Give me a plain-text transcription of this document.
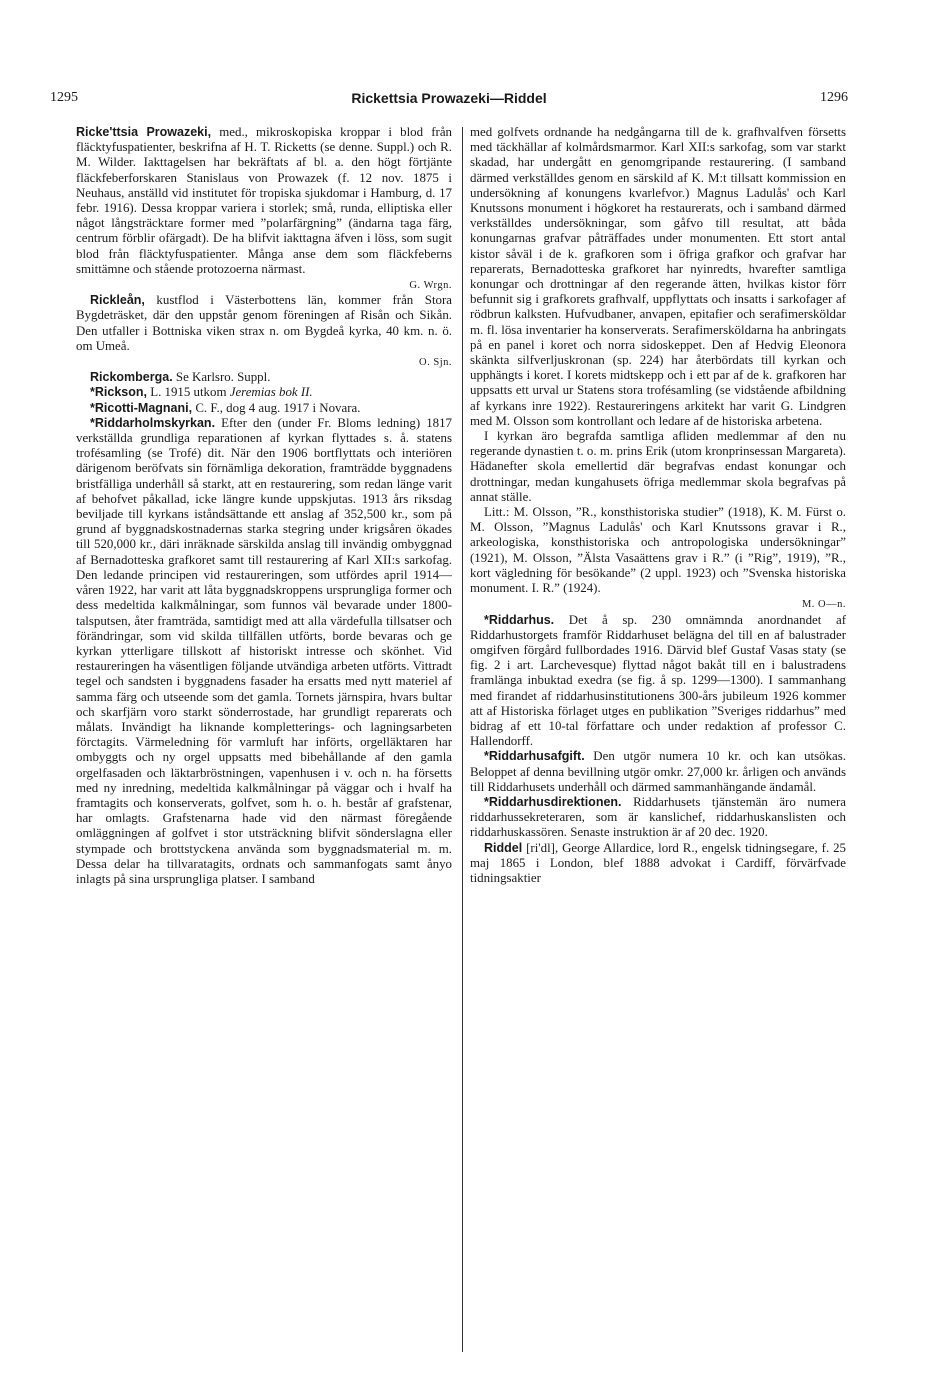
1295	Rickettsia Prowazeki—Riddel	1296

Ricke'ttsia Prowazeki, med., mikroskopiska kroppar i blod från fläcktyfuspatienter, beskrifna af H. T. Ricketts (se denne. Suppl.) och R. M. Wilder. Iakttagelsen har bekräftats af bl. a. den högt förtjänte fläckfeberforskaren Stanislaus von Prowazek (f. 12 nov. 1875 i Neuhaus, anställd vid institutet för tropiska sjukdomar i Hamburg, d. 17 febr. 1916). Dessa kroppar variera i storlek; små, runda, elliptiska eller något långsträcktare former med ”polarfärgning” (ändarna taga färg, centrum förblir ofärgadt). De ha blifvit iakttagna äfven i löss, som sugit blod från fläcktyfuspatienter. Många anse dem som fläckfeberns smittämne och stående protozoerna närmast.

G. Wrgn.

Rickleån, kustflod i Västerbottens län, kommer från Stora Bygdeträsket, där den uppstår genom föreningen af Risån och Sikån. Den utfaller i Bottniska viken strax n. om Bygdeå kyrka, 40 km. n. ö. om Umeå.

O. Sjn.

Rickomberga. Se Karlsro. Suppl.

*Rickson, L. 1915 utkom Jeremias bok II.

*Ricotti-Magnani, C. F., dog 4 aug. 1917 i Novara.

*Riddarholmskyrkan. Efter den (under Fr. Bloms ledning) 1817 verkställda grundliga reparationen af kyrkan flyttades s. å. statens trofésamling (se Trofé) dit. När den 1906 bortflyttats och interiören därigenom beröfvats sin förnämliga dekoration, framträdde byggnadens bristfälliga underhåll så starkt, att en restaurering, som redan länge varit af behofvet påkallad, icke längre kunde uppskjutas. 1913 års riksdag beviljade till kyrkans iståndsättande ett anslag af 352,500 kr., som på grund af byggnadskostnadernas starka stegring under krigsåren ökades till 520,000 kr., däri inräknade särskilda anslag till invändig ombyggnad af Bernadotteska grafkoret samt till restaurering af Karl XII:s sarkofag. Den ledande principen vid restaureringen, som utfördes april 1914—våren 1922, har varit att låta byggnadskroppens ursprungliga former och dess medeltida kalkmålningar, som funnos väl bevarade under 1800-talsputsen, åter framträda, samtidigt med att alla värdefulla tillsatser och förändringar, som vid skilda tillfällen utförts, borde bevaras och ge kyrkan ytterligare tillskott af historiskt intresse och skönhet. Vid restaureringen ha väsentligen följande utvändiga arbeten utförts. Vittradt tegel och sandsten i byggnadens fasader ha ersatts med nytt materiel af samma färg och utseende som det gamla. Tornets järnspira, hvars bultar och skarfjärn voro starkt sönderrostade, har grundligt reparerats och målats. Invändigt ha liknande kompletterings- och lagningsarbeten förctagits. Värmeledning för varmluft har införts, orgelläktaren har ombyggts och ny orgel uppsatts med bibehållande af den gamla orgelfasaden och läktarbröstningen, vapenhusen i v. och n. ha försetts med ny inredning, medeltida kalkmålningar på väggar och i hvalf ha framtagits och konserverats, golfvet, som h. o. h. består af grafstenar, har omlagts. Grafstenarna hade vid den närmast föregående omläggningen af golfvet i stor utsträckning blifvit sönderslagna eller stympade och brottstyckena använda som byggnadsmaterial m. m. Dessa delar ha tillvaratagits, ordnats och sammanfogats samt ånyo inlagts på sina ursprungliga platser. I samband

med golfvets ordnande ha nedgångarna till de k. grafhvalfven försetts med täckhällar af kolmårdsmarmor. Karl XII:s sarkofag, som var starkt skadad, har undergått en genomgripande restaurering. (I samband därmed verkställdes genom en särskild af K. M:t tillsatt kommission en undersökning af konungens kvarlefvor.) Magnus Ladulås' och Karl Knutssons monument i högkoret ha restaurerats, och i samband därmed verkställdes undersökningar, som gåfvo till resultat, att båda konungarnas grafvar påträffades under monumenten. Ett stort antal kistor såväl i de k. grafkoren som i öfriga grafkor och grafvar har reparerats, Bernadotteska grafkoret har nyinredts, hvarefter samtliga konungar och drottningar af den regerande ätten, hvilkas kistor förr befunnit sig i grafkorets grafhvalf, uppflyttats och insatts i sarkofager af rödbrun kalksten. Hufvudbaner, anvapen, epitafier och serafimersköldar m. fl. lösa inventarier ha konserverats. Serafimersköldarna ha anbringats på en panel i koret och norra sidoskeppet. Den af Hedvig Eleonora skänkta silfverljuskronan (sp. 224) har återbördats till kyrkan och upphängts i koret. I korets midtskepp och i ett par af de k. grafkoren har uppsatts ett urval ur Statens stora trofésamling (se vidstående afbildning af kyrkans inre 1922). Restaureringens arkitekt har varit G. Lindgren med M. Olsson som kontrollant och ledare af de historiska arbetena.

I kyrkan äro begrafda samtliga afliden medlemmar af den nu regerande dynastien t. o. m. prins Erik (utom kronprinsessan Margareta). Hädanefter skola emellertid där begrafvas endast konungar och drottningar, medan kungahusets öfriga medlemmar skola begrafvas på annat ställe.

Litt.: M. Olsson, ”R., konsthistoriska studier” (1918), K. M. Fürst o. M. Olsson, ”Magnus Ladulås' och Karl Knutssons gravar i R., arkeologiska, konsthistoriska och antropologiska undersökningar” (1921), M. Olsson, ”Älsta Vasaättens grav i R.” (i ”Rig”, 1919), ”R., kort vägledning för besökande” (2 uppl. 1923) och ”Svenska historiska monument. I. R.” (1924).

M. O—n.

*Riddarhus. Det å sp. 230 omnämnda anordnandet af Riddarhustorgets framför Riddarhuset belägna del till en af balustrader omgifven förgård fullbordades 1916. Därvid blef Gustaf Vasas staty (se fig. 2 i art. Larchevesque) flyttad något bakåt till en i balustradens framlänga inbuktad exedra (se fig. å sp. 1299—1300). I sammanhang med firandet af riddarhusinstitutionens 300-års jubileum 1926 kommer att af Historiska förlaget utges en publikation ”Sveriges riddarhus” med bidrag af ett 10-tal författare och under redaktion af professor C. Hallendorff.

*Riddarhusafgift. Den utgör numera 10 kr. och kan utsökas. Beloppet af denna bevillning utgör omkr. 27,000 kr. årligen och används till Riddarhusets underhåll och därmed sammanhängande ändamål.

*Riddarhusdirektionen. Riddarhusets tjänstemän äro numera riddarhussekreteraren, som är kanslichef, riddarhuskanslisten och riddarhuskassören. Senaste instruktion är af 20 dec. 1920.

Riddel [ri'dl], George Allardice, lord R., engelsk tidningsegare, f. 25 maj 1865 i London, blef 1888 advokat i Cardiff, förvärfvade tidningsaktier
